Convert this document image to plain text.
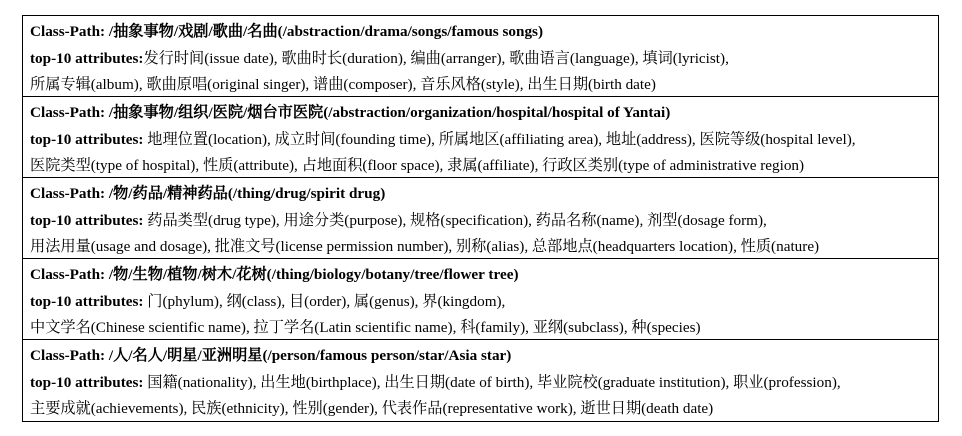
Class-Path: /抽象事物/戏剧/歌曲/名曲(/abstraction/drama/songs/famous songs)
top-10 attributes:发行时间(issue date), 歌曲时长(duration), 编曲(arranger), 歌曲语言(language), 填词(lyricist),
所属专辑(album), 歌曲原唱(original singer), 谱曲(composer), 音乐风格(style), 出生日期(birth date)
Class-Path: /抽象事物/组织/医院/烟台市医院(/abstraction/organization/hospital/hospital of Yantai)
top-10 attributes: 地理位置(location), 成立时间(founding time), 所属地区(affiliating area), 地址(address), 医院等级(hospital level),
医院类型(type of hospital), 性质(attribute), 占地面积(floor space), 隶属(affiliate), 行政区类别(type of administrative region)
Class-Path: /物/药品/精神药品(/thing/drug/spirit drug)
top-10 attributes: 药品类型(drug type), 用途分类(purpose), 规格(specification), 药品名称(name), 剂型(dosage form),
用法用量(usage and dosage), 批准文号(license permission number), 别称(alias), 总部地点(headquarters location), 性质(nature)
Class-Path: /物/生物/植物/树木/花树(/thing/biology/botany/tree/flower tree)
top-10 attributes: 门(phylum), 纲(class), 目(order), 属(genus), 界(kingdom),
中文学名(Chinese scientific name), 拉丁学名(Latin scientific name), 科(family), 亚纲(subclass), 种(species)
Class-Path: /人/名人/明星/亚洲明星(/person/famous person/star/Asia star)
top-10 attributes: 国籍(nationality), 出生地(birthplace), 出生日期(date of birth), 毕业院校(graduate institution), 职业(profession),
主要成就(achievements), 民族(ethnicity), 性别(gender), 代表作品(representative work), 逝世日期(death date)
